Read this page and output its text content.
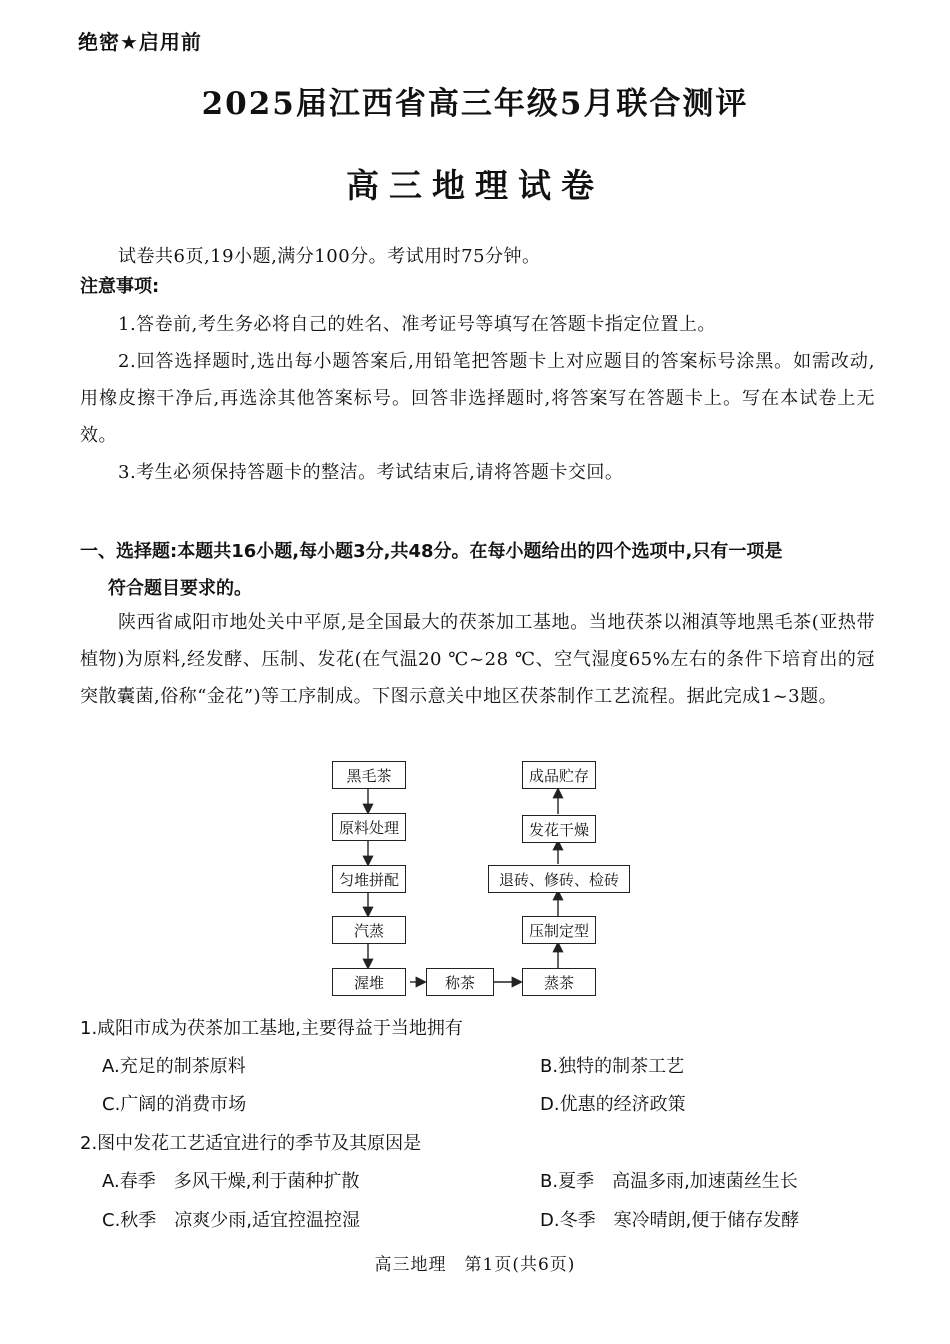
绝密★启用前
2025届江西省高三年级5月联合测评
高三地理试卷

试卷共6页,19小题,满分100分。考试用时75分钟。

注意事项:

1.答卷前,考生务必将自己的姓名、准考证号等填写在答题卡指定位置上。

2.回答选择题时,选出每小题答案后,用铅笔把答题卡上对应题目的答案标号涂黑。如需改动,用橡皮擦干净后,再选涂其他答案标号。回答非选择题时,将答案写在答题卡上。写在本试卷上无效。

3.考生必须保持答题卡的整洁。考试结束后,请将答题卡交回。

一、选择题:本题共16小题,每小题3分,共48分。在每小题给出的四个选项中,只有一项是
符合题目要求的。

陕西省咸阳市地处关中平原,是全国最大的茯茶加工基地。当地茯茶以湘滇等地黑毛茶(亚热带植物)为原料,经发酵、压制、发花(在气温20 ℃~28 ℃、空气湿度65%左右的条件下培育出的冠突散囊菌,俗称“金花”)等工序制成。下图示意关中地区茯茶制作工艺流程。据此完成1~3题。

黑毛茶
原料处理
匀堆拼配
汽蒸
渥堆	称茶	蒸茶
压制定型
退砖、修砖、检砖
发花干燥
成品贮存
1.咸阳市成为茯茶加工基地,主要得益于当地拥有
A.充足的制茶原料	B.独特的制茶工艺
C.广阔的消费市场	D.优惠的经济政策
2.图中发花工艺适宜进行的季节及其原因是
A.春季　多风干燥,利于菌种扩散	B.夏季　高温多雨,加速菌丝生长
C.秋季　凉爽少雨,适宜控温控湿	D.冬季　寒冷晴朗,便于储存发酵
高三地理　第1页(共6页)
